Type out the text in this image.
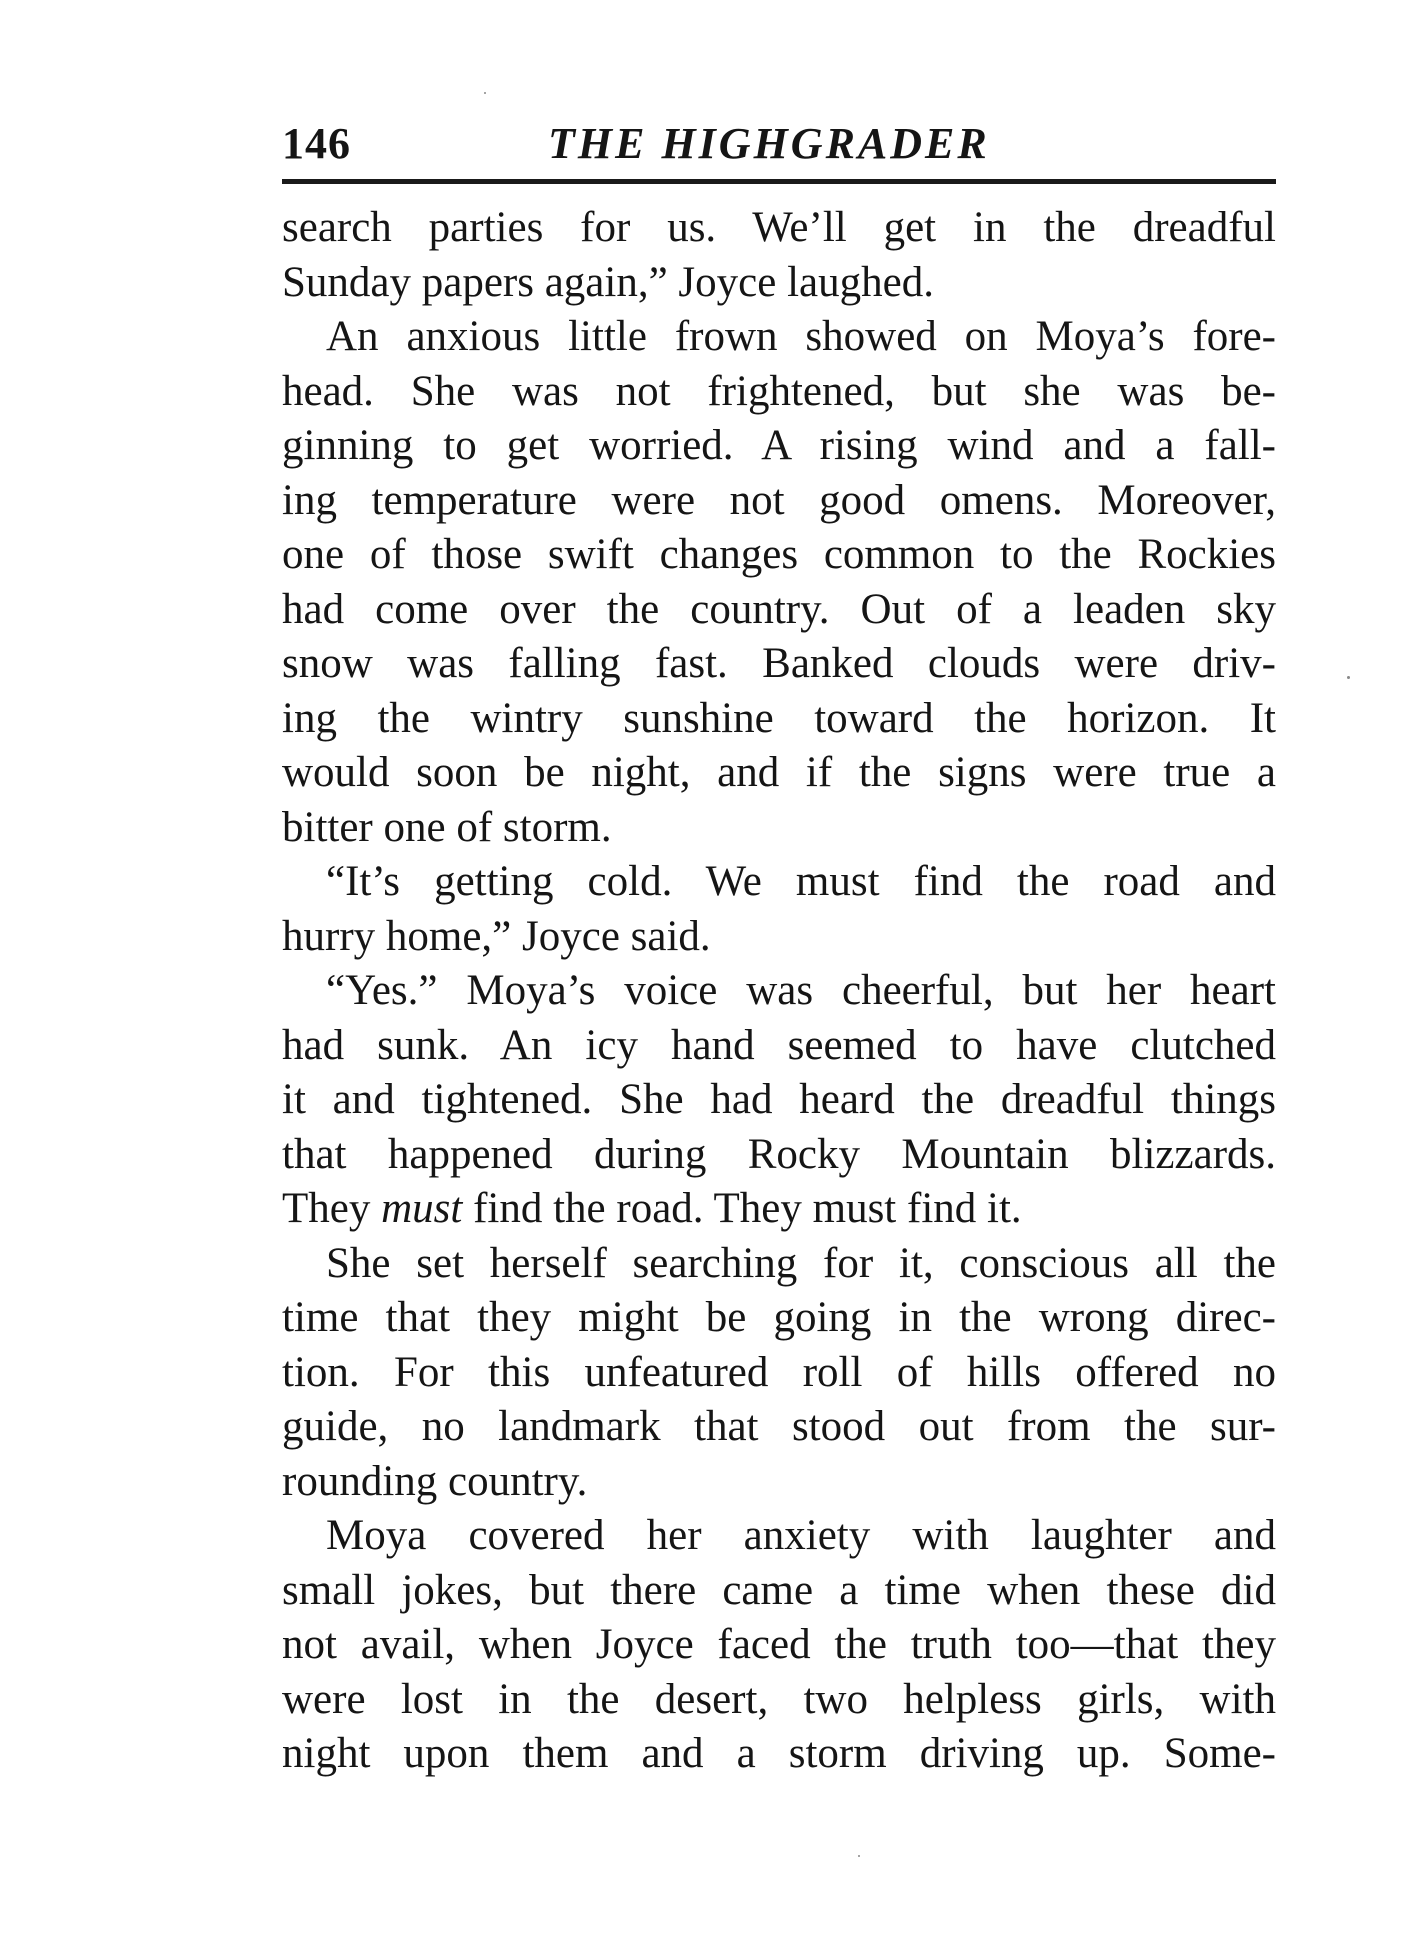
146	THE HIGHGRADER
search parties for us. We’ll get in the dreadful
Sunday papers again,” Joyce laughed.
An anxious little frown showed on Moya’s fore-
head. She was not frightened, but she was be-
ginning to get worried. A rising wind and a fall-
ing temperature were not good omens. Moreover,
one of those swift changes common to the Rockies
had come over the country. Out of a leaden sky
snow was falling fast. Banked clouds were driv-
ing the wintry sunshine toward the horizon. It
would soon be night, and if the signs were true a
bitter one of storm.
“It’s getting cold. We must find the road and
hurry home,” Joyce said.
“Yes.” Moya’s voice was cheerful, but her heart
had sunk. An icy hand seemed to have clutched
it and tightened. She had heard the dreadful things
that happened during Rocky Mountain blizzards.
They must find the road. They must find it.
She set herself searching for it, conscious all the
time that they might be going in the wrong direc-
tion. For this unfeatured roll of hills offered no
guide, no landmark that stood out from the sur-
rounding country.
Moya covered her anxiety with laughter and
small jokes, but there came a time when these did
not avail, when Joyce faced the truth too—that they
were lost in the desert, two helpless girls, with
night upon them and a storm driving up. Some-
